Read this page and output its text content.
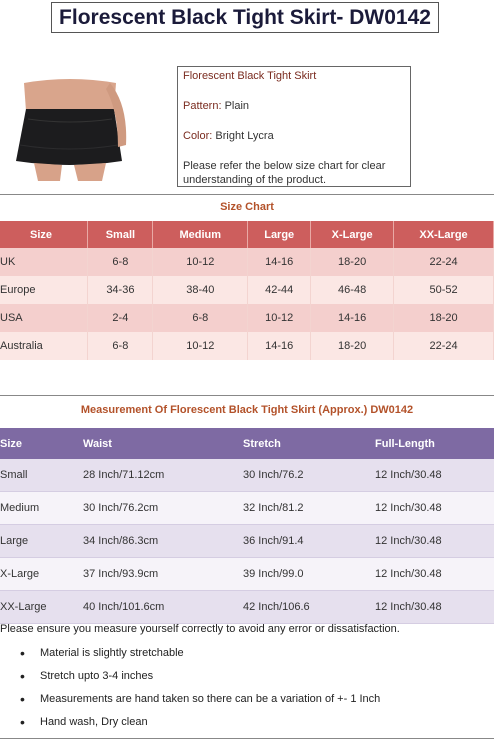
Florescent Black Tight Skirt- DW0142
Florescent Black Tight Skirt
Pattern: Plain
Color: Bright Lycra
Please refer the below size chart for clear understanding of the product.
Size Chart
Size	Small	Medium	Large	X-Large	XX-Large
UK	6-8	10-12	14-16	18-20	22-24
Europe	34-36	38-40	42-44	46-48	50-52
USA	2-4	6-8	10-12	14-16	18-20
Australia	6-8	10-12	14-16	18-20	22-24
Measurement Of Florescent Black Tight Skirt (Approx.) DW0142
Size	Waist	Stretch	Full-Length
Small	28 Inch/71.12cm	30 Inch/76.2	12 Inch/30.48
Medium	30 Inch/76.2cm	32 Inch/81.2	12 Inch/30.48
Large	34 Inch/86.3cm	36 Inch/91.4	12 Inch/30.48
X-Large	37 Inch/93.9cm	39 Inch/99.0	12 Inch/30.48
XX-Large	40 Inch/101.6cm	42 Inch/106.6	12 Inch/30.48
Please ensure you measure yourself correctly to avoid any error or dissatisfaction.
• Material is slightly stretchable
• Stretch upto 3-4 inches
• Measurements are hand taken so there can be a variation of +- 1 Inch
• Hand wash, Dry clean
